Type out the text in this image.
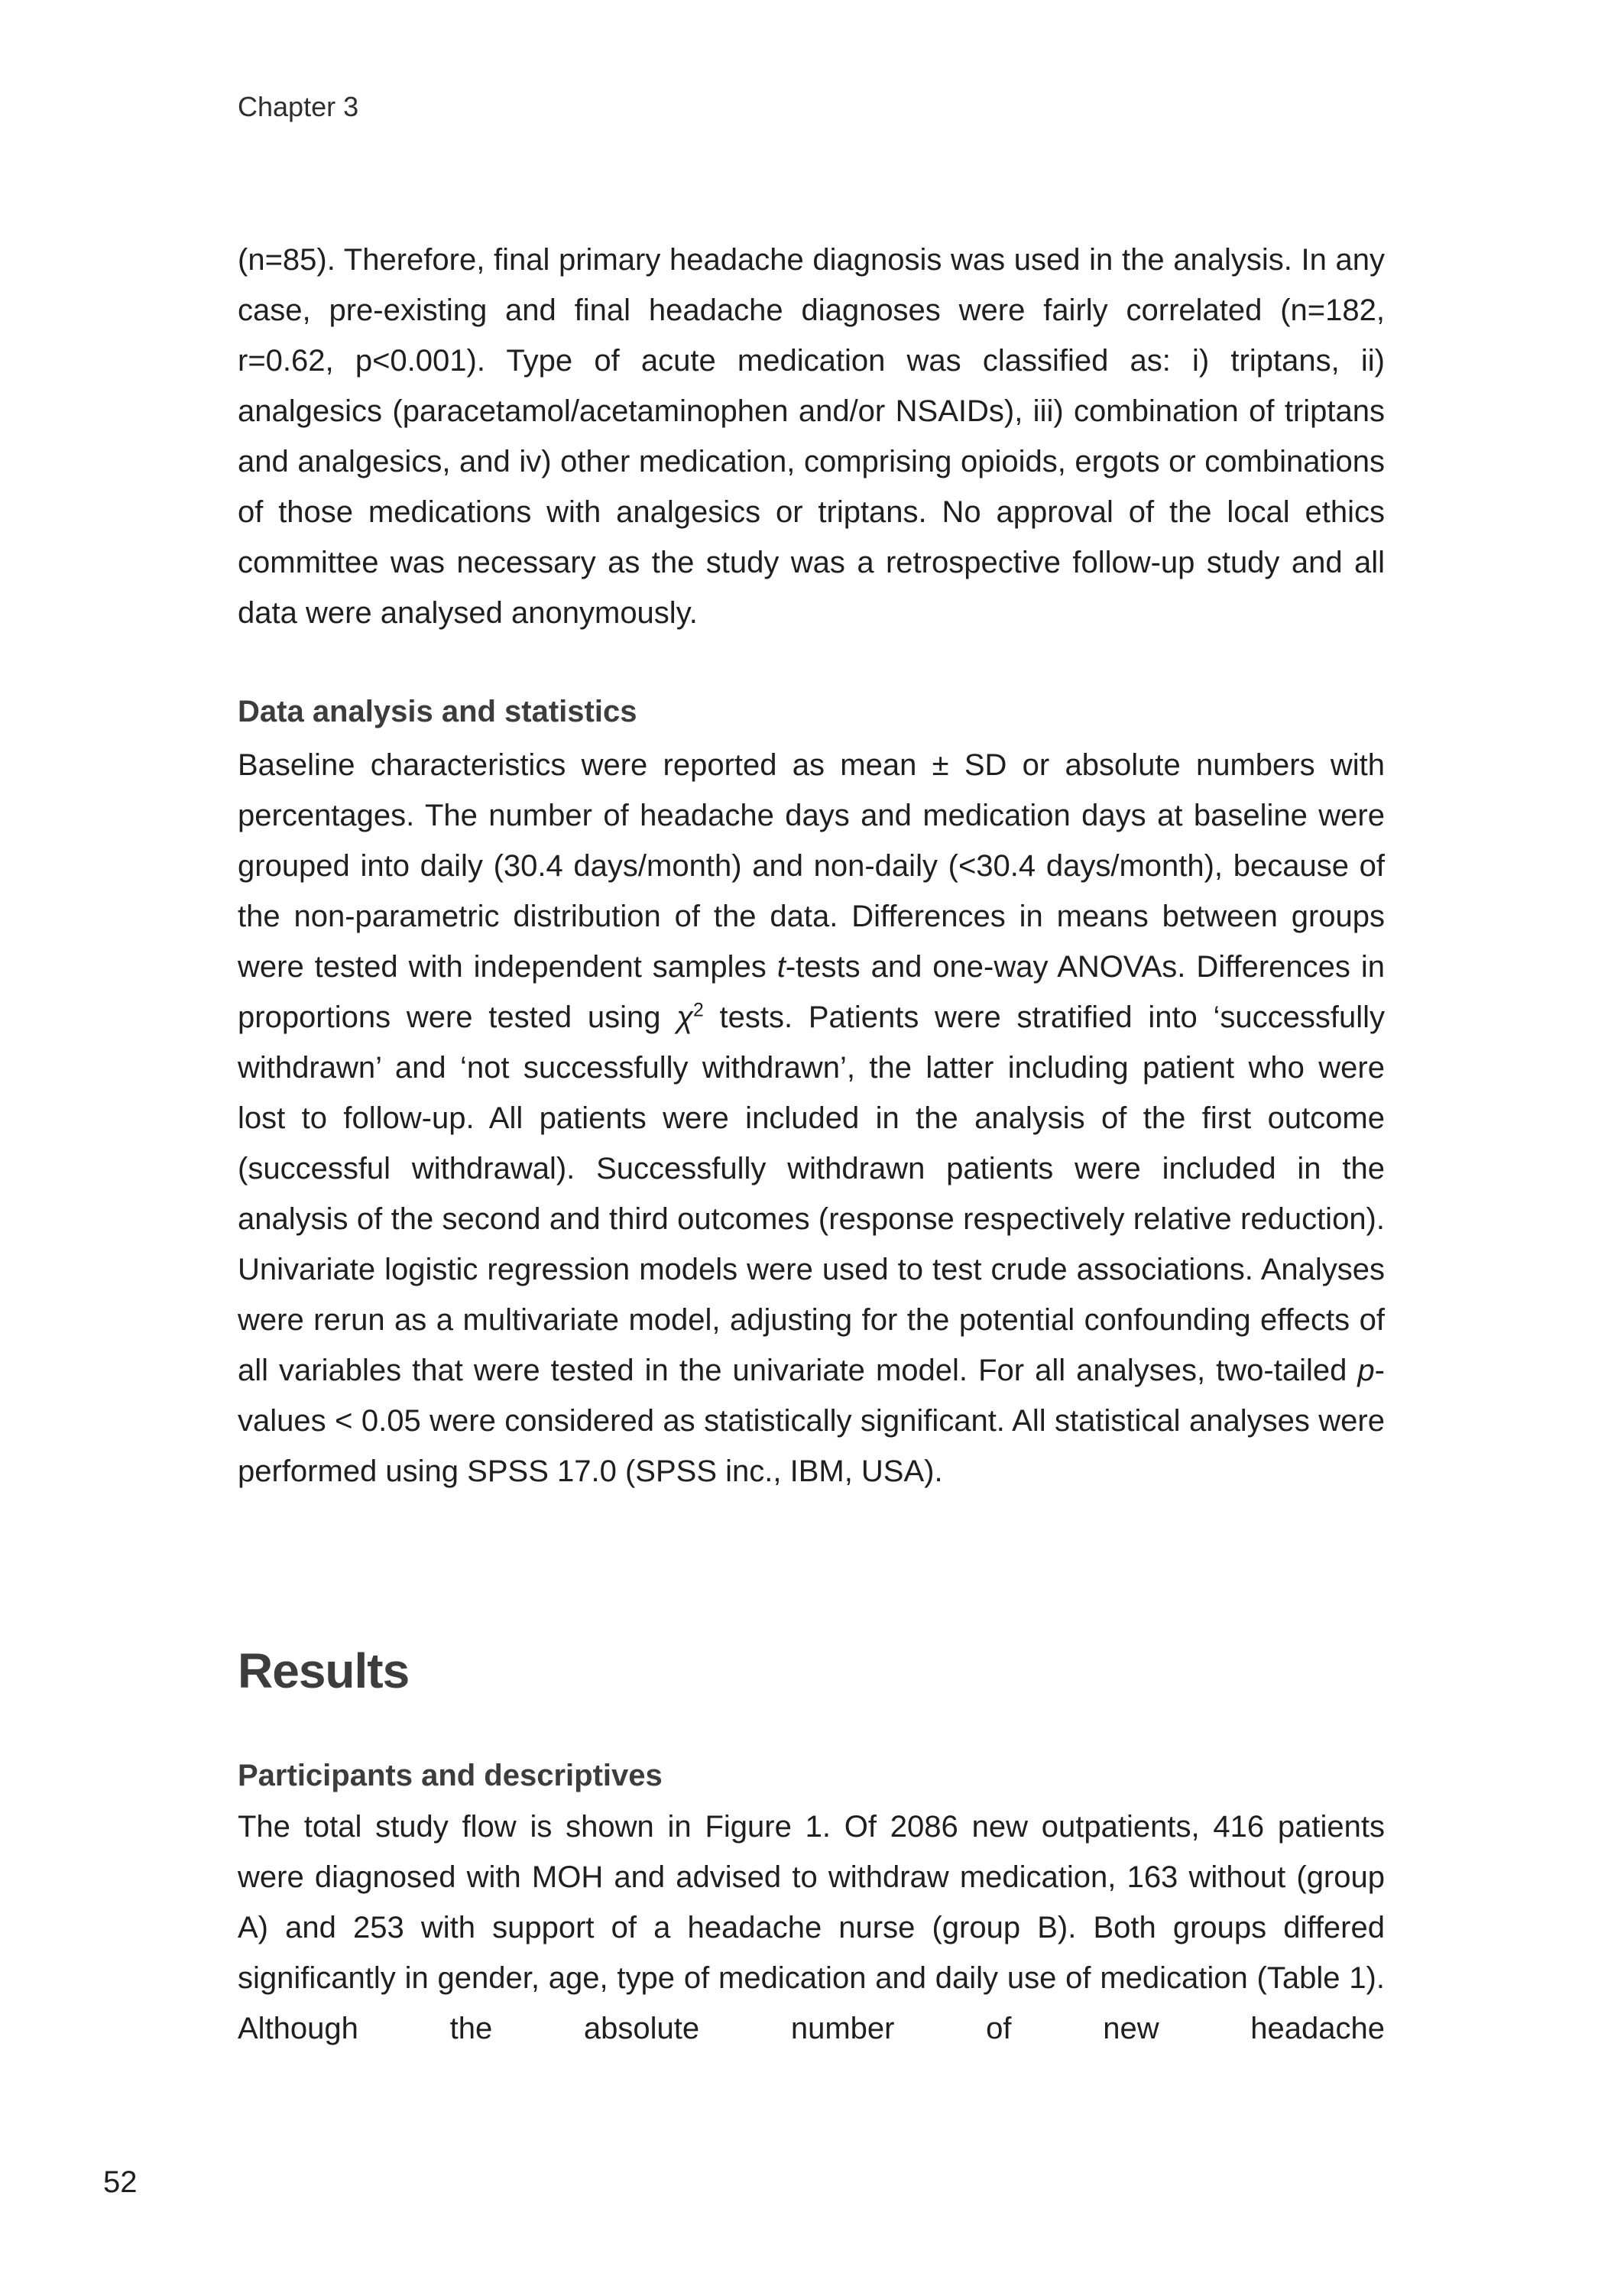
Chapter 3
(n=85). Therefore, final primary headache diagnosis was used in the analysis. In any case, pre-existing and final headache diagnoses were fairly correlated (n=182, r=0.62, p<0.001). Type of acute medication was classified as: i) triptans, ii) analgesics (paracetamol/acetaminophen and/or NSAIDs), iii) combination of triptans and analgesics, and iv) other medication, comprising opioids, ergots or combinations of those medications with analgesics or triptans. No approval of the local ethics committee was necessary as the study was a retrospective follow-up study and all data were analysed anonymously.
Data analysis and statistics
Baseline characteristics were reported as mean ± SD or absolute numbers with percentages. The number of headache days and medication days at baseline were grouped into daily (30.4 days/month) and non-daily (<30.4 days/month), because of the non-parametric distribution of the data. Differences in means between groups were tested with independent samples t-tests and one-way ANOVAs. Differences in proportions were tested using $\chi^2$ tests. Patients were stratified into ‘successfully withdrawn’ and ‘not successfully withdrawn’, the latter including patient who were lost to follow-up. All patients were included in the analysis of the first outcome (successful withdrawal). Successfully withdrawn patients were included in the analysis of the second and third outcomes (response respectively relative reduction). Univariate logistic regression models were used to test crude associations. Analyses were rerun as a multivariate model, adjusting for the potential confounding effects of all variables that were tested in the univariate model. For all analyses, two-tailed p-values < 0.05 were considered as statistically significant. All statistical analyses were performed using SPSS 17.0 (SPSS inc., IBM, USA).
Results
Participants and descriptives
The total study flow is shown in Figure 1. Of 2086 new outpatients, 416 patients were diagnosed with MOH and advised to withdraw medication, 163 without (group A) and 253 with support of a headache nurse (group B). Both groups differed significantly in gender, age, type of medication and daily use of medication (Table 1). Although the absolute number of new headache
52
